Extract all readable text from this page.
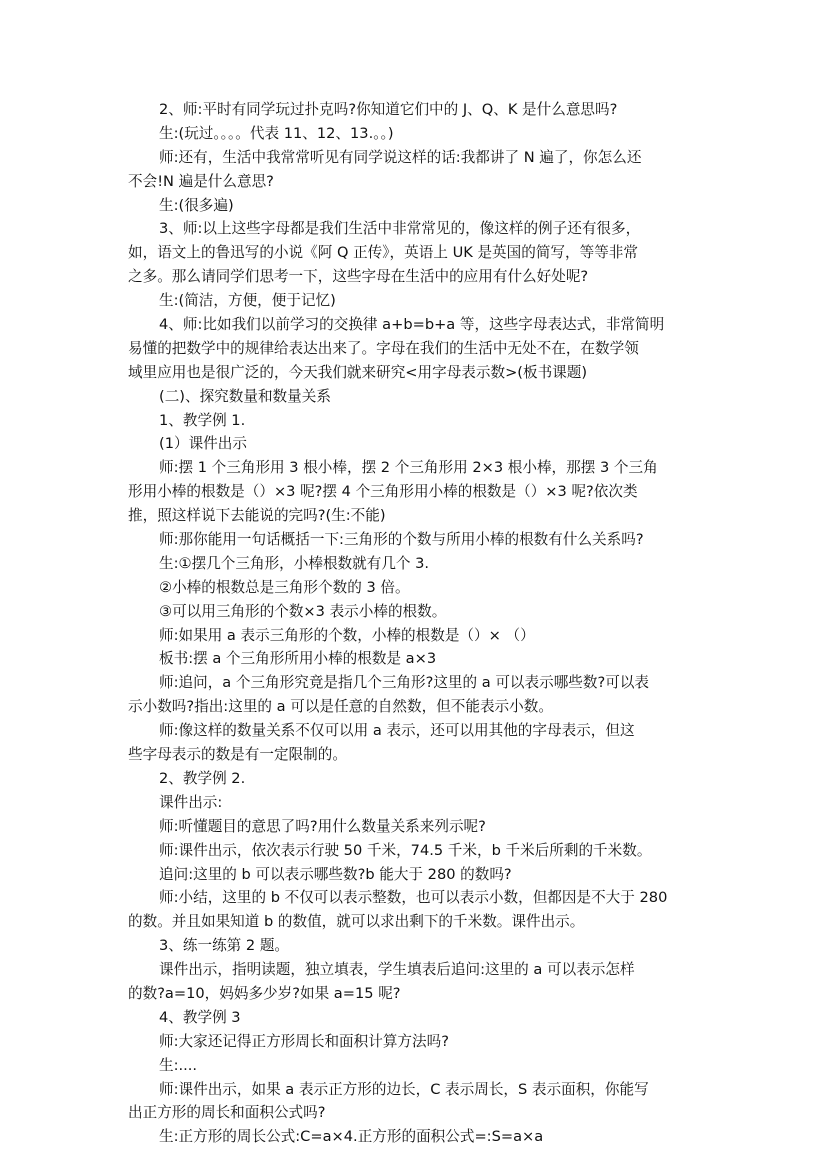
2、师:平时有同学玩过扑克吗?你知道它们中的 J、Q、K 是什么意思吗?
生:(玩过。。。。代表 11、12、13.。。)
师:还有，生活中我常常听见有同学说这样的话:我都讲了 N 遍了，你怎么还
不会!N 遍是什么意思?
生:(很多遍)
3、师:以上这些字母都是我们生活中非常常见的，像这样的例子还有很多，
如，语文上的鲁迅写的小说《阿 Q 正传》，英语上 UK 是英国的简写，等等非常
之多。那么请同学们思考一下，这些字母在生活中的应用有什么好处呢?
生:(简洁，方便，便于记忆)
4、师:比如我们以前学习的交换律 a+b=b+a 等，这些字母表达式，非常简明
易懂的把数学中的规律给表达出来了。字母在我们的生活中无处不在，在数学领
域里应用也是很广泛的，今天我们就来研究<用字母表示数>(板书课题)
(二)、探究数量和数量关系
1、教学例 1.
(1）课件出示
师:摆 1 个三角形用 3 根小棒，摆 2 个三角形用 2×3 根小棒，那摆 3 个三角
形用小棒的根数是（）×3 呢?摆 4 个三角形用小棒的根数是（）×3 呢?依次类
推，照这样说下去能说的完吗?(生:不能)
师:那你能用一句话概括一下:三角形的个数与所用小棒的根数有什么关系吗?
生:①摆几个三角形，小棒根数就有几个 3.
②小棒的根数总是三角形个数的 3 倍。
③可以用三角形的个数×3 表示小棒的根数。
师:如果用 a 表示三角形的个数，小棒的根数是（）× （）
板书:摆 a 个三角形所用小棒的根数是 a×3
师:追问，a 个三角形究竟是指几个三角形?这里的 a 可以表示哪些数?可以表
示小数吗?指出:这里的 a 可以是任意的自然数，但不能表示小数。
师:像这样的数量关系不仅可以用 a 表示，还可以用其他的字母表示，但这
些字母表示的数是有一定限制的。
2、教学例 2.
课件出示:
师:听懂题目的意思了吗?用什么数量关系来列示呢?
师:课件出示，依次表示行驶 50 千米，74.5 千米，b 千米后所剩的千米数。
追问:这里的 b 可以表示哪些数?b 能大于 280 的数吗?
师:小结，这里的 b 不仅可以表示整数，也可以表示小数，但都因是不大于 280
的数。并且如果知道 b 的数值，就可以求出剩下的千米数。课件出示。
3、练一练第 2 题。
课件出示，指明读题，独立填表，学生填表后追问:这里的 a 可以表示怎样
的数?a=10，妈妈多少岁?如果 a=15 呢?
4、教学例 3
师:大家还记得正方形周长和面积计算方法吗?
生:....
师:课件出示，如果 a 表示正方形的边长，C 表示周长，S 表示面积，你能写
出正方形的周长和面积公式吗?
生:正方形的周长公式:C=a×4.正方形的面积公式=:S=a×a
